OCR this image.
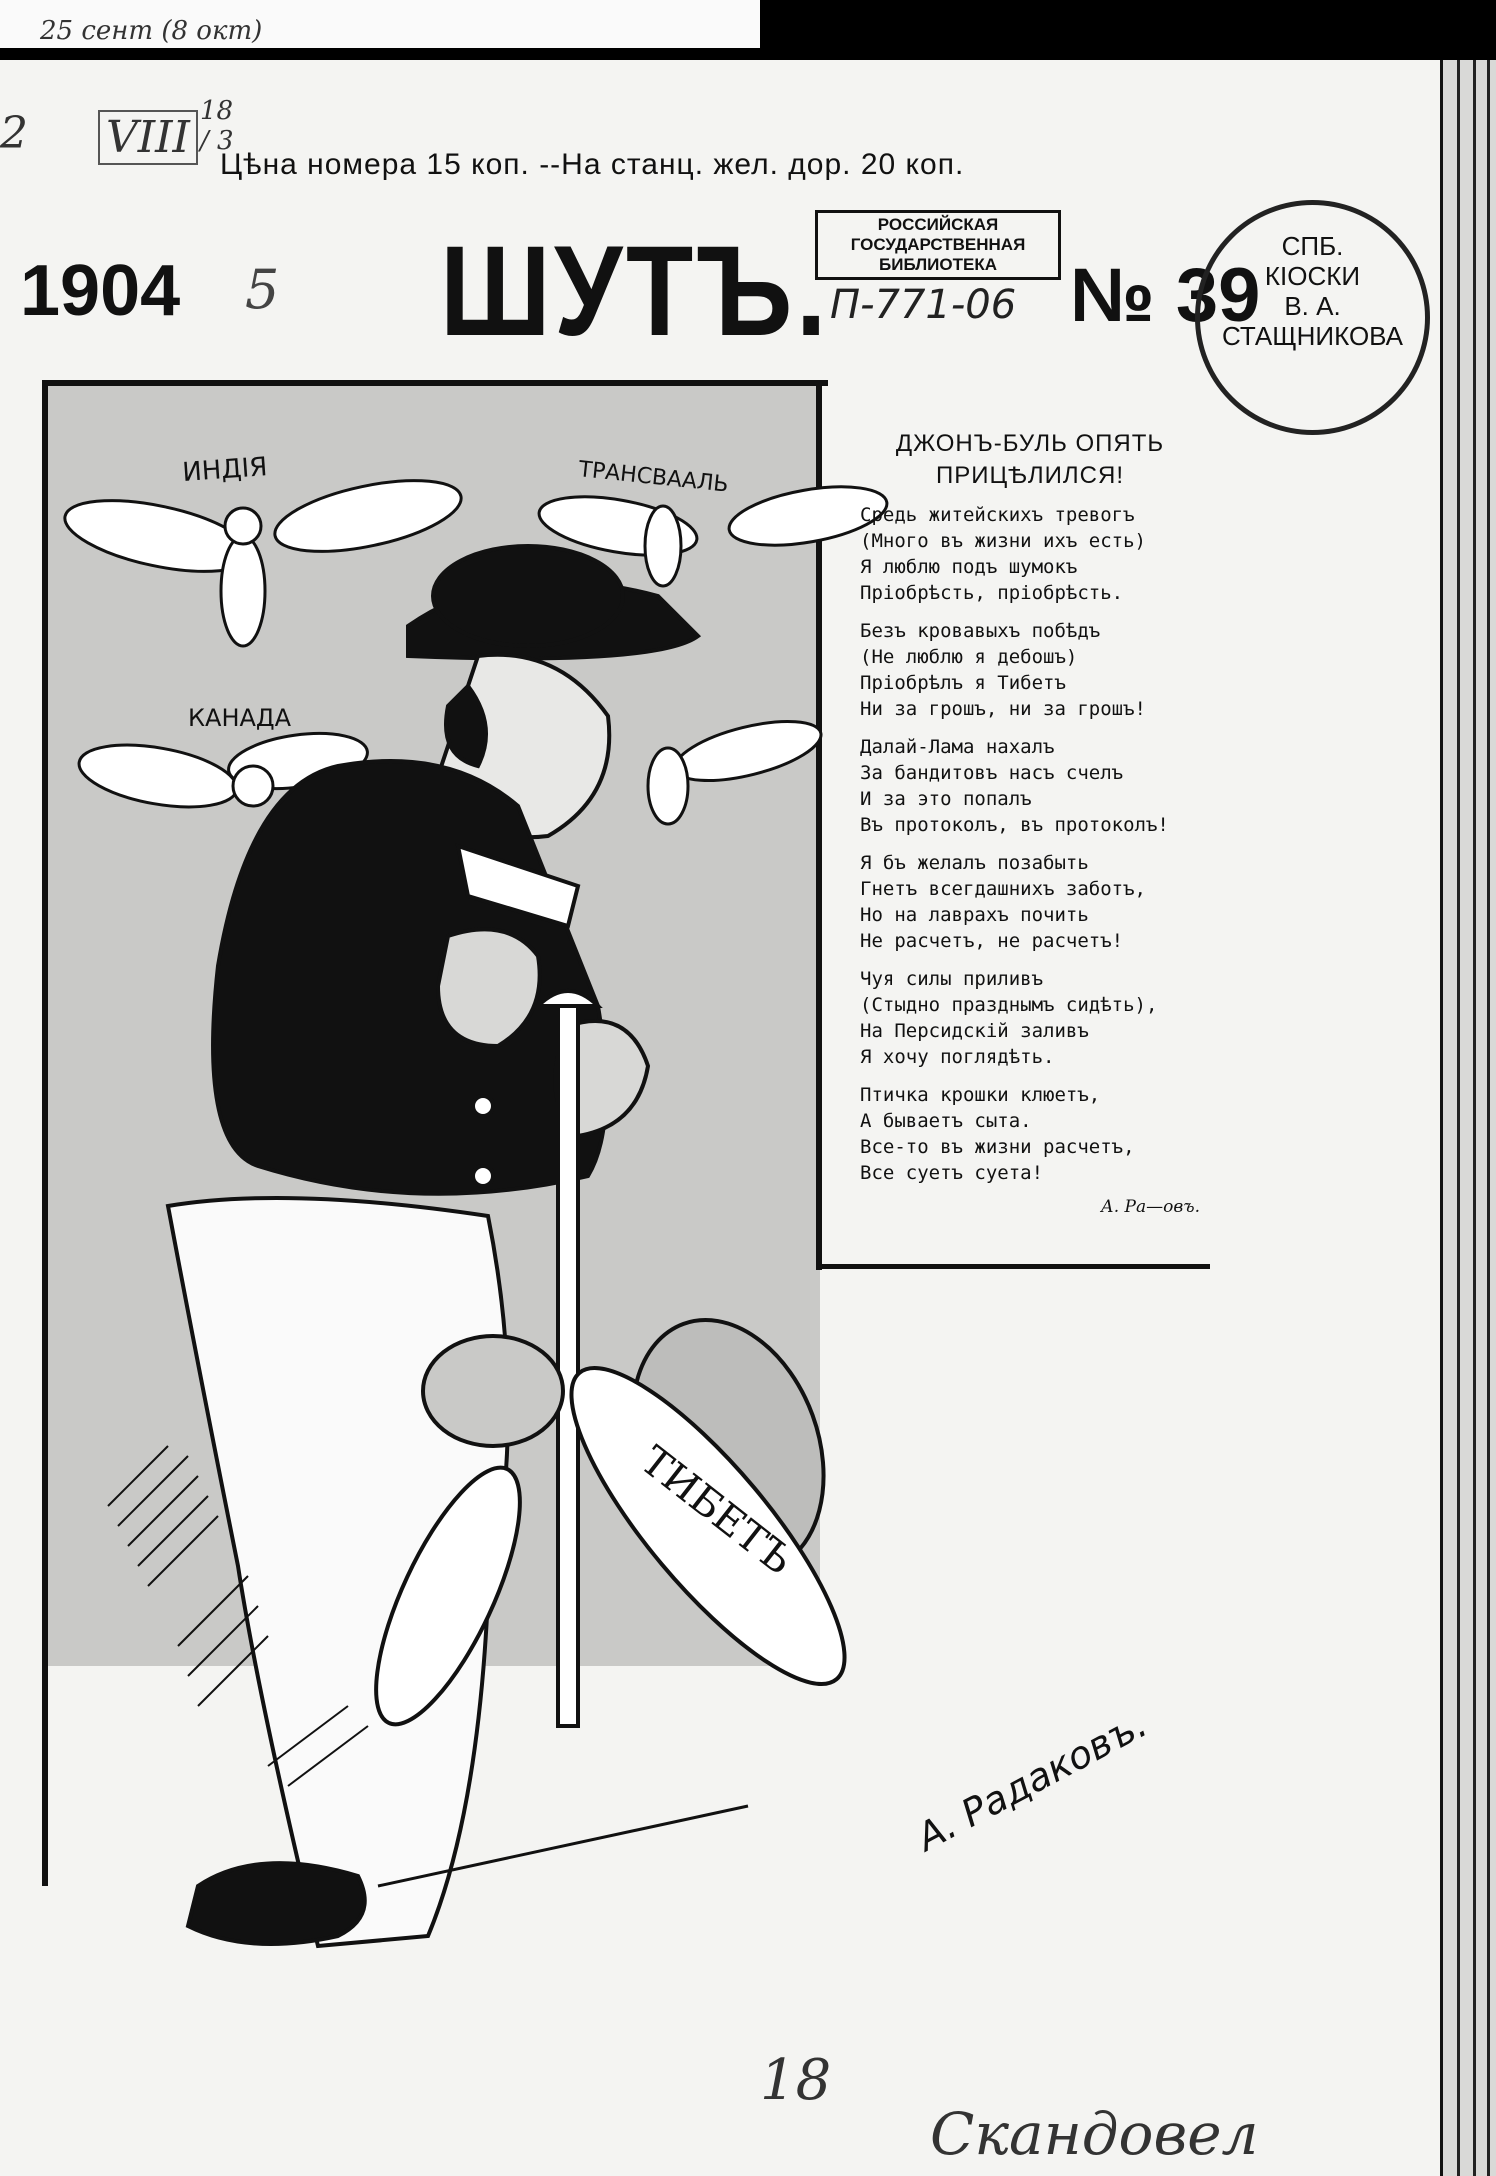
25 сент (8 окт)
2 VIII
18 / 3
Цѣна номера 15 коп. --На станц. жел. дор. 20 коп.
1904 5 ШУТЪ.	РОССИЙСКАЯ
ГОСУДАРСТВЕННАЯ
БИБЛИОТЕКА
П-771-06 № 39
СПБ.
КIОСКИ
В. А.
СТАЩНИКОВА
ИНДIЯ	ТРАНСВААЛЬ
КАНАДА
ТИБЕТЪ
А. Радаковъ.
ДЖОНЪ-БУЛЬ ОПЯТЬ
ПРИЦѢЛИЛСЯ!
Средь житейскихъ тревогъ
(Много въ жизни ихъ есть)
Я люблю подъ шумокъ
Прiобрѣсть, прiобрѣсть.
Безъ кровавыхъ побѣдъ
(Не люблю я дебошъ)
Прiобрѣлъ я Тибетъ
Ни за грошъ, ни за грошъ!
Далай-Лама нахалъ
За бандитовъ насъ счелъ
И за это попалъ
Въ протоколъ, въ протоколъ!
Я бъ желалъ позабыть
Гнетъ всегдашнихъ заботъ,
Но на лаврахъ почить
Не расчетъ, не расчетъ!
Чуя силы приливъ
(Стыдно празднымъ сидѣть),
На Персидскiй заливъ
Я хочу поглядѣть.
Птичка крошки клюетъ,
А бываетъ сыта.
Все-то въ жизни расчетъ,
Все суетъ суета!
А. Ра—овъ.
18
Скандовел
